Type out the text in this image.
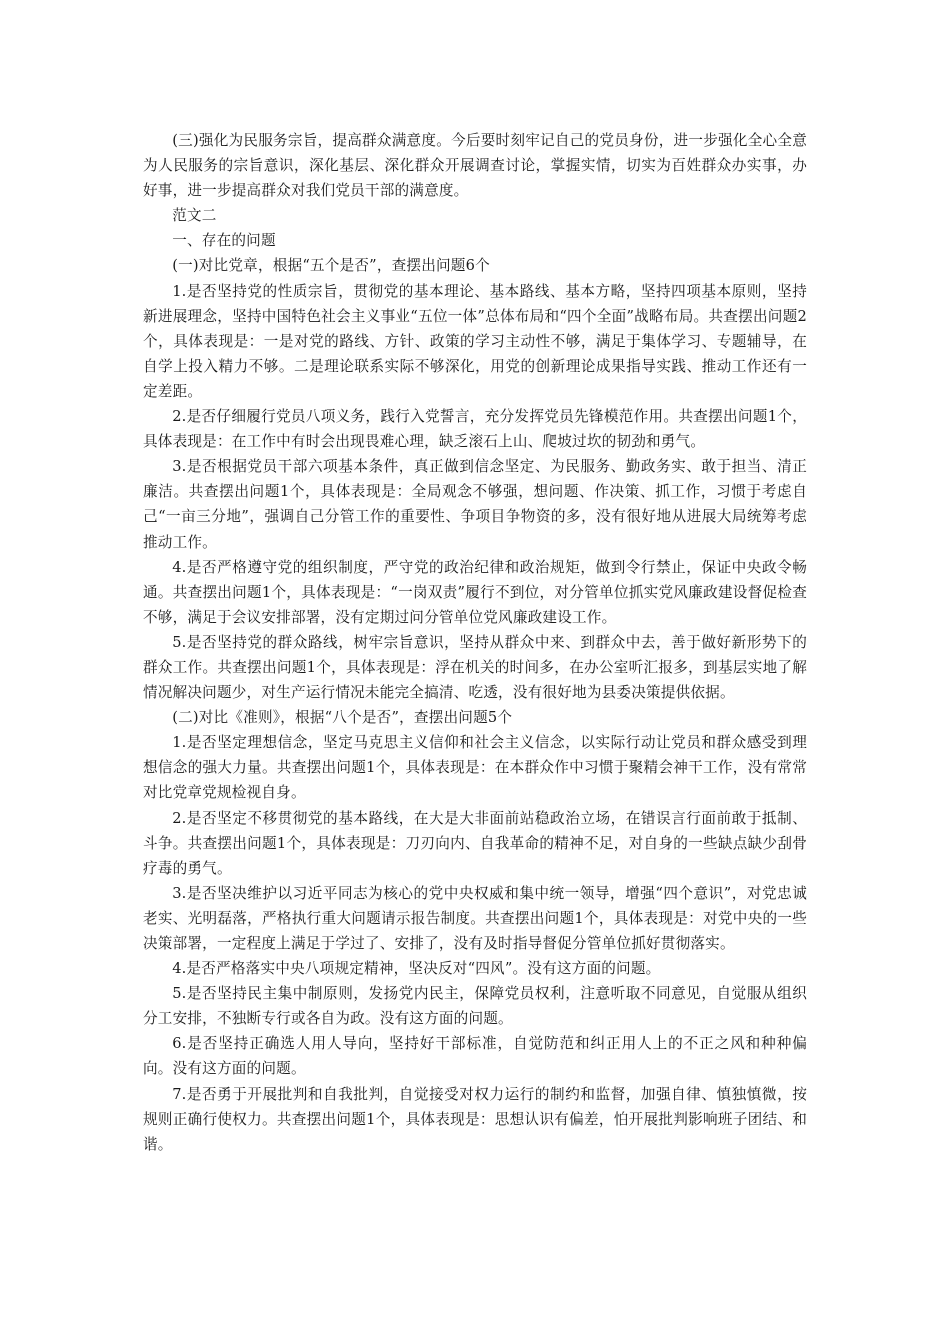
(三)强化为民服务宗旨，提高群众满意度。今后要时刻牢记自己的党员身份，进一步强化全心全意为人民服务的宗旨意识，深化基层、深化群众开展调查讨论，掌握实情，切实为百姓群众办实事，办好事，进一步提高群众对我们党员干部的满意度。

范文二

一、存在的问题

(一)对比党章，根据“五个是否”，查摆出问题6个

1.是否坚持党的性质宗旨，贯彻党的基本理论、基本路线、基本方略，坚持四项基本原则，坚持新进展理念，坚持中国特色社会主义事业“五位一体”总体布局和“四个全面”战略布局。共查摆出问题2个，具体表现是：一是对党的路线、方针、政策的学习主动性不够，满足于集体学习、专题辅导，在自学上投入精力不够。二是理论联系实际不够深化，用党的创新理论成果指导实践、推动工作还有一定差距。

2.是否仔细履行党员八项义务，践行入党誓言，充分发挥党员先锋模范作用。共查摆出问题1个，具体表现是：在工作中有时会出现畏难心理，缺乏滚石上山、爬坡过坎的韧劲和勇气。

3.是否根据党员干部六项基本条件，真正做到信念坚定、为民服务、勤政务实、敢于担当、清正廉洁。共查摆出问题1个，具体表现是：全局观念不够强，想问题、作决策、抓工作，习惯于考虑自己“一亩三分地”，强调自己分管工作的重要性、争项目争物资的多，没有很好地从进展大局统筹考虑推动工作。

4.是否严格遵守党的组织制度，严守党的政治纪律和政治规矩，做到令行禁止，保证中央政令畅通。共查摆出问题1个，具体表现是：“一岗双责”履行不到位，对分管单位抓实党风廉政建设督促检查不够，满足于会议安排部署，没有定期过问分管单位党风廉政建设工作。

5.是否坚持党的群众路线，树牢宗旨意识，坚持从群众中来、到群众中去，善于做好新形势下的群众工作。共查摆出问题1个，具体表现是：浮在机关的时间多，在办公室听汇报多，到基层实地了解情况解决问题少，对生产运行情况未能完全搞清、吃透，没有很好地为县委决策提供依据。

(二)对比《准则》，根据“八个是否”，查摆出问题5个

1.是否坚定理想信念，坚定马克思主义信仰和社会主义信念，以实际行动让党员和群众感受到理想信念的强大力量。共查摆出问题1个，具体表现是：在本群众作中习惯于聚精会神干工作，没有常常对比党章党规检视自身。

2.是否坚定不移贯彻党的基本路线，在大是大非面前站稳政治立场，在错误言行面前敢于抵制、斗争。共查摆出问题1个，具体表现是：刀刃向内、自我革命的精神不足，对自身的一些缺点缺少刮骨疗毒的勇气。

3.是否坚决维护以习近平同志为核心的党中央权威和集中统一领导，增强“四个意识”，对党忠诚老实、光明磊落，严格执行重大问题请示报告制度。共查摆出问题1个，具体表现是：对党中央的一些决策部署，一定程度上满足于学过了、安排了，没有及时指导督促分管单位抓好贯彻落实。

4.是否严格落实中央八项规定精神，坚决反对“四风”。没有这方面的问题。

5.是否坚持民主集中制原则，发扬党内民主，保障党员权利，注意听取不同意见，自觉服从组织分工安排，不独断专行或各自为政。没有这方面的问题。

6.是否坚持正确选人用人导向，坚持好干部标准，自觉防范和纠正用人上的不正之风和种种偏向。没有这方面的问题。

7.是否勇于开展批判和自我批判，自觉接受对权力运行的制约和监督，加强自律、慎独慎微，按规则正确行使权力。共查摆出问题1个，具体表现是：思想认识有偏差，怕开展批判影响班子团结、和谐。
